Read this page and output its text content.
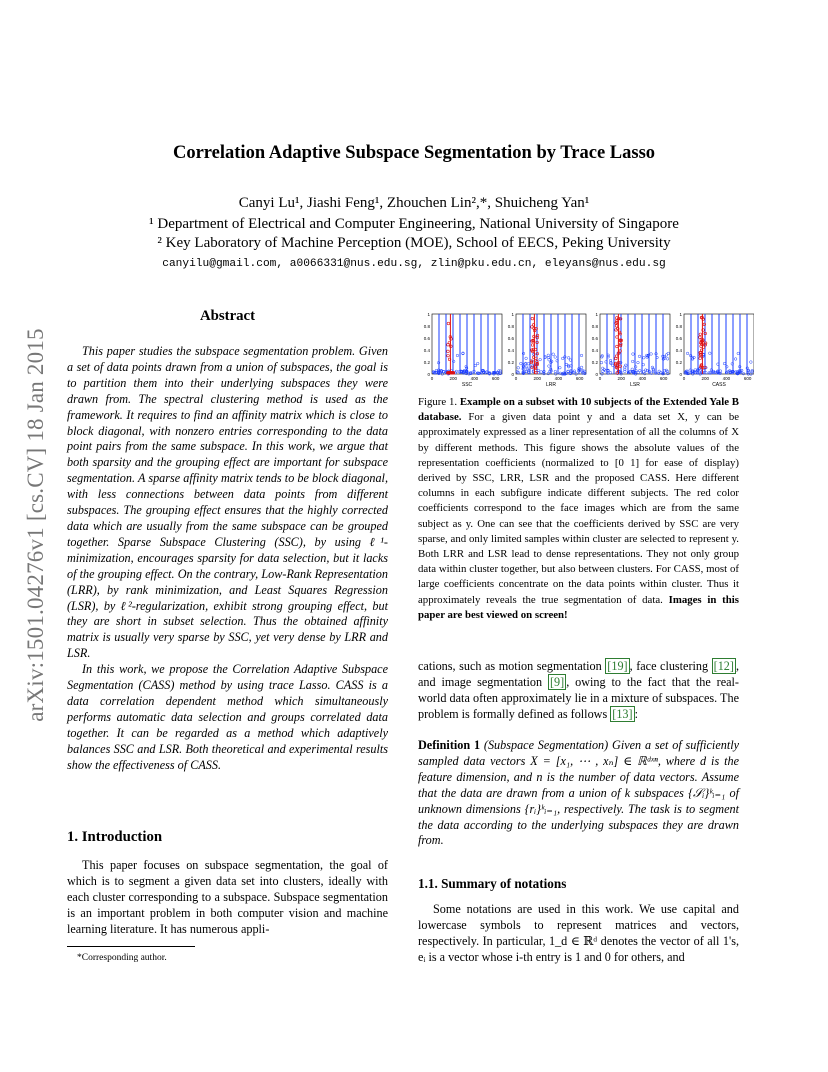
arXiv:1501.04276v1 [cs.CV] 18 Jan 2015
Correlation Adaptive Subspace Segmentation by Trace Lasso
Canyi Lu¹, Jiashi Feng¹, Zhouchen Lin²,*, Shuicheng Yan¹
¹ Department of Electrical and Computer Engineering, National University of Singapore
² Key Laboratory of Machine Perception (MOE), School of EECS, Peking University
canyilu@gmail.com, a0066331@nus.edu.sg, zlin@pku.edu.cn, eleyans@nus.edu.sg
Abstract

This paper studies the subspace segmentation problem. Given a set of data points drawn from a union of subspaces, the goal is to partition them into their underlying subspaces they were drawn from. The spectral clustering method is used as the framework. It requires to find an affinity matrix which is close to block diagonal, with nonzero entries corresponding to the data point pairs from the same subspace. In this work, we argue that both sparsity and the grouping effect are important for subspace segmentation. A sparse affinity matrix tends to be block diagonal, with less connections between data points from different subspaces. The grouping effect ensures that the highly corrected data which are usually from the same subspace can be grouped together. Sparse Subspace Clustering (SSC), by using ℓ¹-minimization, encourages sparsity for data selection, but it lacks of the grouping effect. On the contrary, Low-Rank Representation (LRR), by rank minimization, and Least Squares Regression (LSR), by ℓ²-regularization, exhibit strong grouping effect, but they are short in subset selection. Thus the obtained affinity matrix is usually very sparse by SSC, yet very dense by LRR and LSR.

In this work, we propose the Correlation Adaptive Subspace Segmentation (CASS) method by using trace Lasso. CASS is a data correlation dependent method which simultaneously performs automatic data selection and groups correlated data together. It can be regarded as a method which adaptively balances SSC and LSR. Both theoretical and experimental results show the effectiveness of CASS.

1. Introduction

This paper focuses on subspace segmentation, the goal of which is to segment a given data set into clusters, ideally with each cluster corresponding to a subspace. Subspace segmentation is an important problem in both computer vision and machine learning literature. It has numerous appli-

*Corresponding author.
1
0.8
0.6
0.4
0.2
0
0	200	400	600
SSC
1
0.8
0.6
0.4
0.2
0
0	200	400	600
LRR
1
0.8
0.6
0.4
0.2
0
0	200	400	600
LSR
1
0.8
0.6
0.4
0.2
0
0	200	400	600
CASS
Figure 1. Example on a subset with 10 subjects of the Extended Yale B database. For a given data point y and a data set X, y can be approximately expressed as a liner representation of all the columns of X by different methods. This figure shows the absolute values of the representation coefficients (normalized to [0 1] for ease of display) derived by SSC, LRR, LSR and the proposed CASS. Here different columns in each subfigure indicate different subjects. The red color coefficients correspond to the face images which are from the same subject as y. One can see that the coefficients derived by SSC are very sparse, and only limited samples within cluster are selected to represent y. Both LRR and LSR lead to dense representations. They not only group data within cluster together, but also between clusters. For CASS, most of large coefficients concentrate on the data points within cluster. Thus it approximately reveals the true segmentation of data. Images in this paper are best viewed on screen!
cations, such as motion segmentation [19] , face clustering [12] , and image segmentation [9] , owing to the fact that the real-world data often approximately lie in a mixture of subspaces. The problem is formally defined as follows [13] :
Definition 1 (Subspace Segmentation) Given a set of sufficiently sampled data vectors X = [x₁, ⋯ , xₙ] ∈ ℝᵈˣⁿ, where d is the feature dimension, and n is the number of data vectors. Assume that the data are drawn from a union of k subspaces {𝒮ᵢ}ᵏᵢ₌₁ of unknown dimensions {rᵢ}ᵏᵢ₌₁, respectively. The task is to segment the data according to the underlying subspaces they are drawn from.
1.1. Summary of notations

Some notations are used in this work. We use capital and lowercase symbols to represent matrices and vectors, respectively. In particular, 1_d ∈ ℝᵈ denotes the vector of all 1's, eᵢ is a vector whose i-th entry is 1 and 0 for others, and
